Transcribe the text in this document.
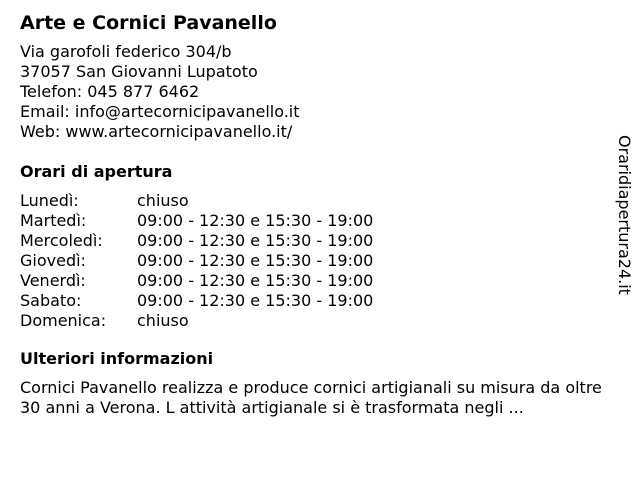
Arte e Cornici Pavanello
Via garofoli federico 304/b
37057 San Giovanni Lupatoto
Telefon: 045 877 6462
Email: info@artecornicipavanello.it
Web: www.artecornicipavanello.it/
Orari di apertura
Lunedì:	chiuso
Martedì:	09:00 - 12:30 e 15:30 - 19:00
Mercoledì:	09:00 - 12:30 e 15:30 - 19:00
Giovedì:	09:00 - 12:30 e 15:30 - 19:00
Venerdì:	09:00 - 12:30 e 15:30 - 19:00
Sabato:	09:00 - 12:30 e 15:30 - 19:00
Domenica:	chiuso
Ulteriori informazioni
Cornici Pavanello realizza e produce cornici artigianali su misura da oltre 30 anni a Verona. L attività artigianale si è trasformata negli ...
Oraridiapertura24.it
